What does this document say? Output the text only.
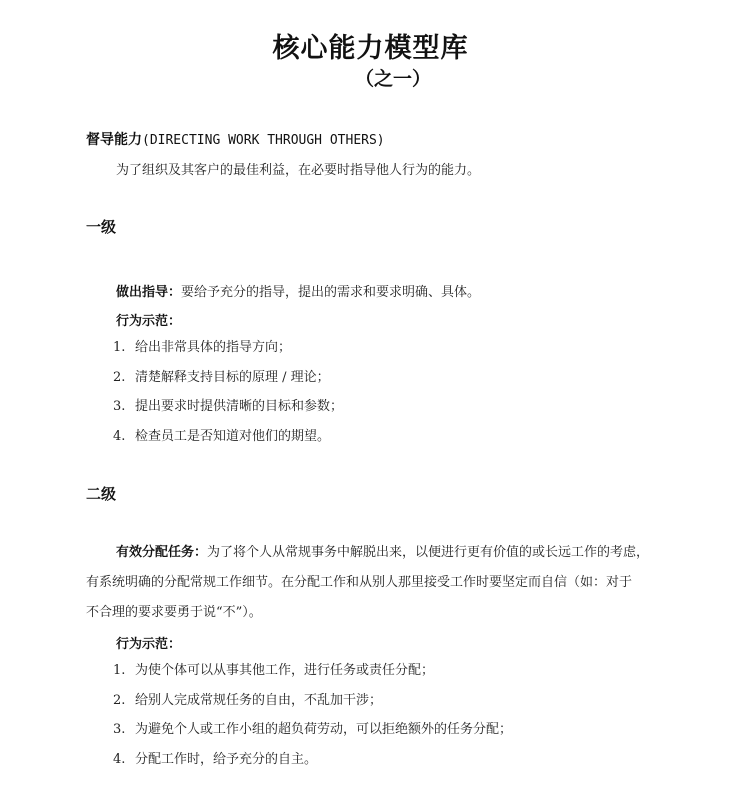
核心能力模型库
（之一）
督导能力(DIRECTING WORK THROUGH OTHERS)
为了组织及其客户的最佳利益，在必要时指导他人行为的能力。
一级
做出指导：要给予充分的指导，提出的需求和要求明确、具体。
行为示范：
1. 给出非常具体的指导方向；
2. 清楚解释支持目标的原理 / 理论；
3. 提出要求时提供清晰的目标和参数；
4. 检查员工是否知道对他们的期望。
二级
有效分配任务：为了将个人从常规事务中解脱出来，以便进行更有价值的或长远工作的考虑，
有系统明确的分配常规工作细节。在分配工作和从别人那里接受工作时要坚定而自信（如：对于
不合理的要求要勇于说“不”）。
行为示范：
1. 为使个体可以从事其他工作，进行任务或责任分配；
2. 给别人完成常规任务的自由，不乱加干涉；
3. 为避免个人或工作小组的超负荷劳动，可以拒绝额外的任务分配；
4. 分配工作时，给予充分的自主。
